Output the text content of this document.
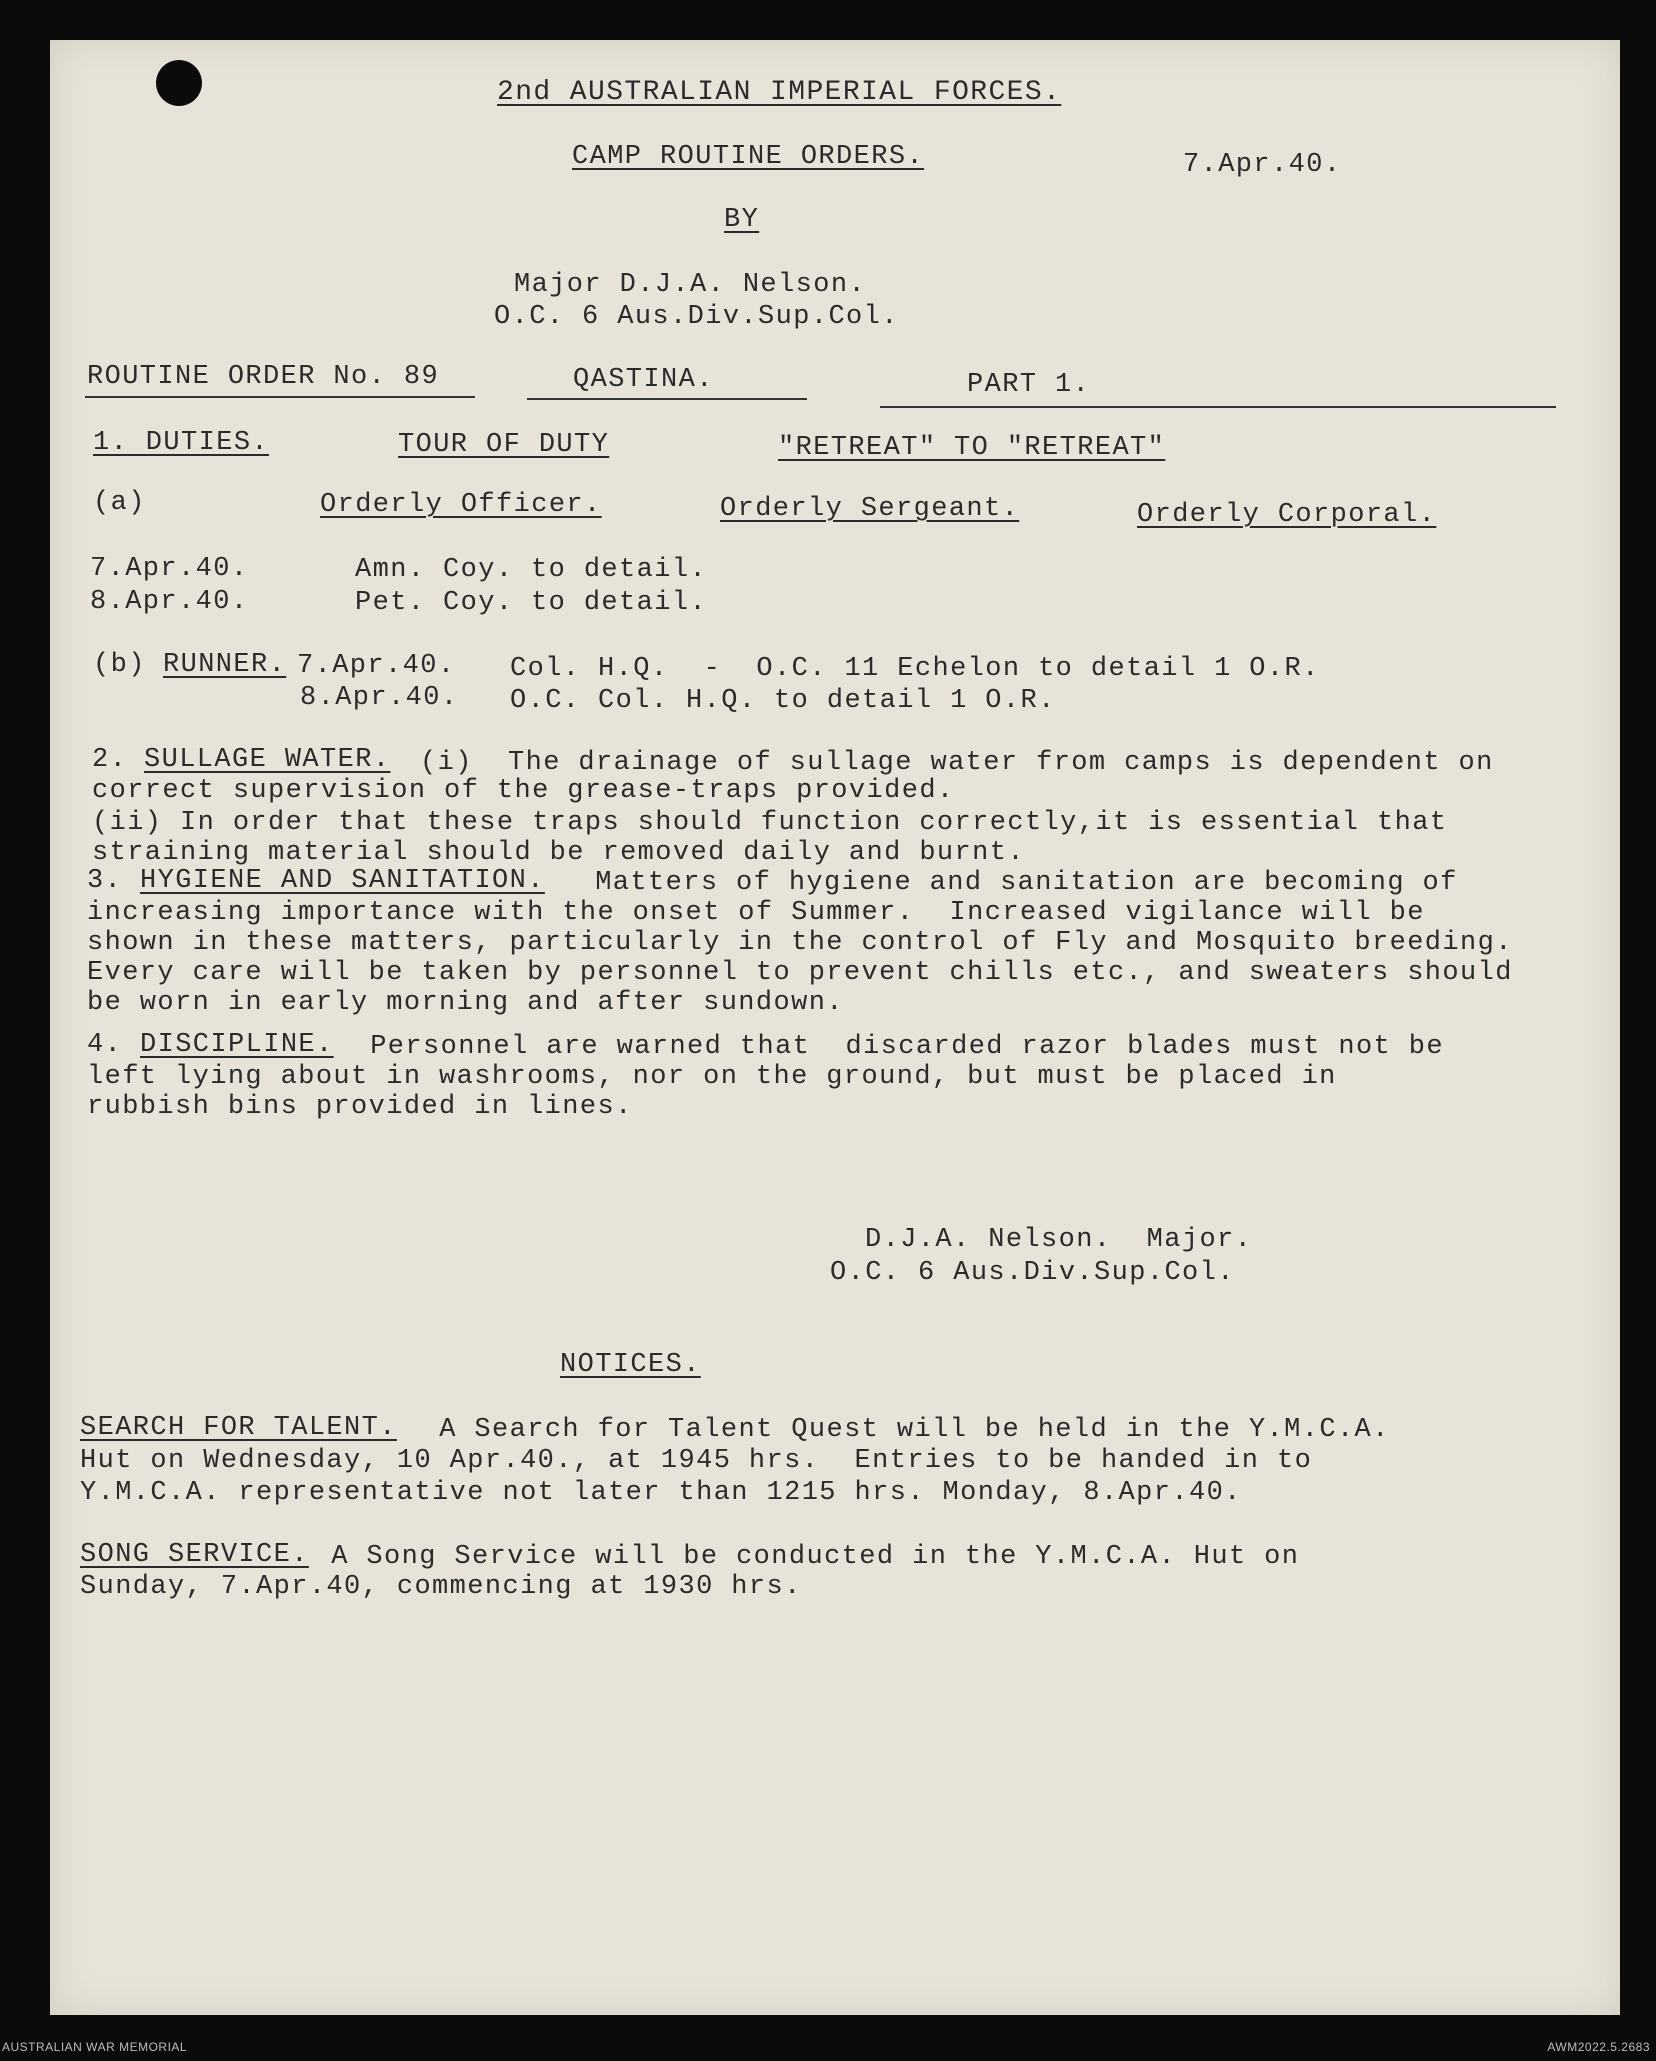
2nd AUSTRALIAN IMPERIAL FORCES.
CAMP ROUTINE ORDERS.	7.Apr.40.
BY
Major D.J.A. Nelson.
O.C. 6 Aus.Div.Sup.Col.
ROUTINE ORDER No. 89	QASTINA.	PART 1.
1. DUTIES.	TOUR OF DUTY	"RETREAT" TO "RETREAT"
(a)	Orderly Officer.	Orderly Sergeant.	Orderly Corporal.
7.Apr.40.	Amn. Coy. to detail.
8.Apr.40.	Pet. Coy. to detail.
(b) RUNNER. 7.Apr.40. Col. H.Q.  -  O.C. 11 Echelon to detail 1 O.R.
8.Apr.40. O.C. Col. H.Q. to detail 1 O.R.
2. SULLAGE WATER. (i)  The drainage of sullage water from camps is dependent on
correct supervision of the grease-traps provided.
(ii) In order that these traps should function correctly,it is essential that
straining material should be removed daily and burnt.
3. HYGIENE AND SANITATION. Matters of hygiene and sanitation are becoming of
increasing importance with the onset of Summer.  Increased vigilance will be
shown in these matters, particularly in the control of Fly and Mosquito breeding.
Every care will be taken by personnel to prevent chills etc., and sweaters should
be worn in early morning and after sundown.
4. DISCIPLINE. Personnel are warned that  discarded razor blades must not be
left lying about in washrooms, nor on the ground, but must be placed in
rubbish bins provided in lines.
D.J.A. Nelson.  Major.
O.C. 6 Aus.Div.Sup.Col.
NOTICES.
SEARCH FOR TALENT. A Search for Talent Quest will be held in the Y.M.C.A.
Hut on Wednesday, 10 Apr.40., at 1945 hrs.  Entries to be handed in to
Y.M.C.A. representative not later than 1215 hrs. Monday, 8.Apr.40.
SONG SERVICE.
A Song Service will be conducted in the Y.M.C.A. Hut on
Sunday, 7.Apr.40, commencing at 1930 hrs.
AUSTRALIAN WAR MEMORIAL	AWM2022.5.2683
